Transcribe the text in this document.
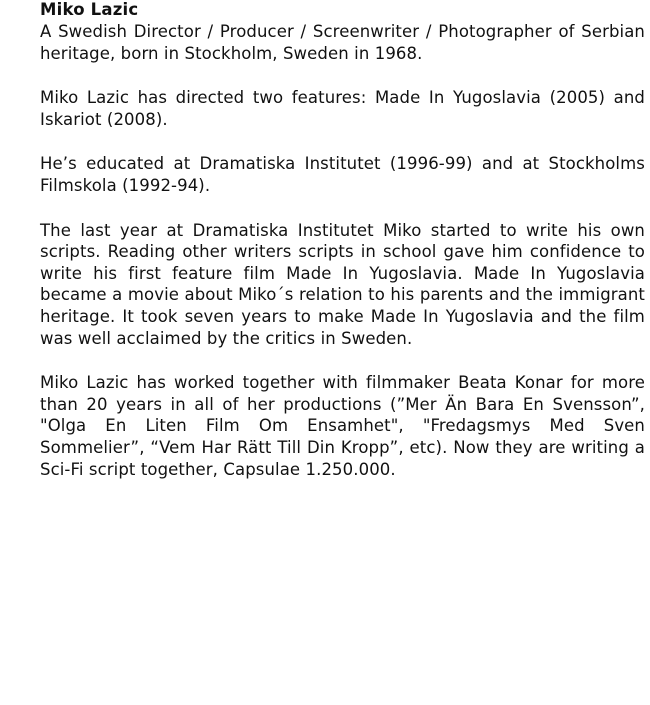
Miko Lazic

A Swedish Director / Producer / Screenwriter / Photographer of Serbian heritage, born in Stockholm, Sweden in 1968.

Miko Lazic has directed two features: Made In Yugoslavia (2005) and Iskariot (2008).

He’s educated at Dramatiska Institutet (1996-99) and at Stockholms Filmskola (1992-94).

The last year at Dramatiska Institutet Miko started to write his own scripts. Reading other writers scripts in school gave him confidence to write his first feature film Made In Yugoslavia. Made In Yugoslavia became a movie about Miko´s relation to his parents and the immigrant heritage. It took seven years to make Made In Yugoslavia and the film was well acclaimed by the critics in Sweden.

Miko Lazic has worked together with filmmaker Beata Konar for more than 20 years in all of her productions (”Mer Än Bara En Svensson”, "Olga En Liten Film Om Ensamhet", "Fredagsmys Med Sven Sommelier”, “Vem Har Rätt Till Din Kropp”, etc). Now they are writing a Sci-Fi script together, Capsulae 1.250.000.
